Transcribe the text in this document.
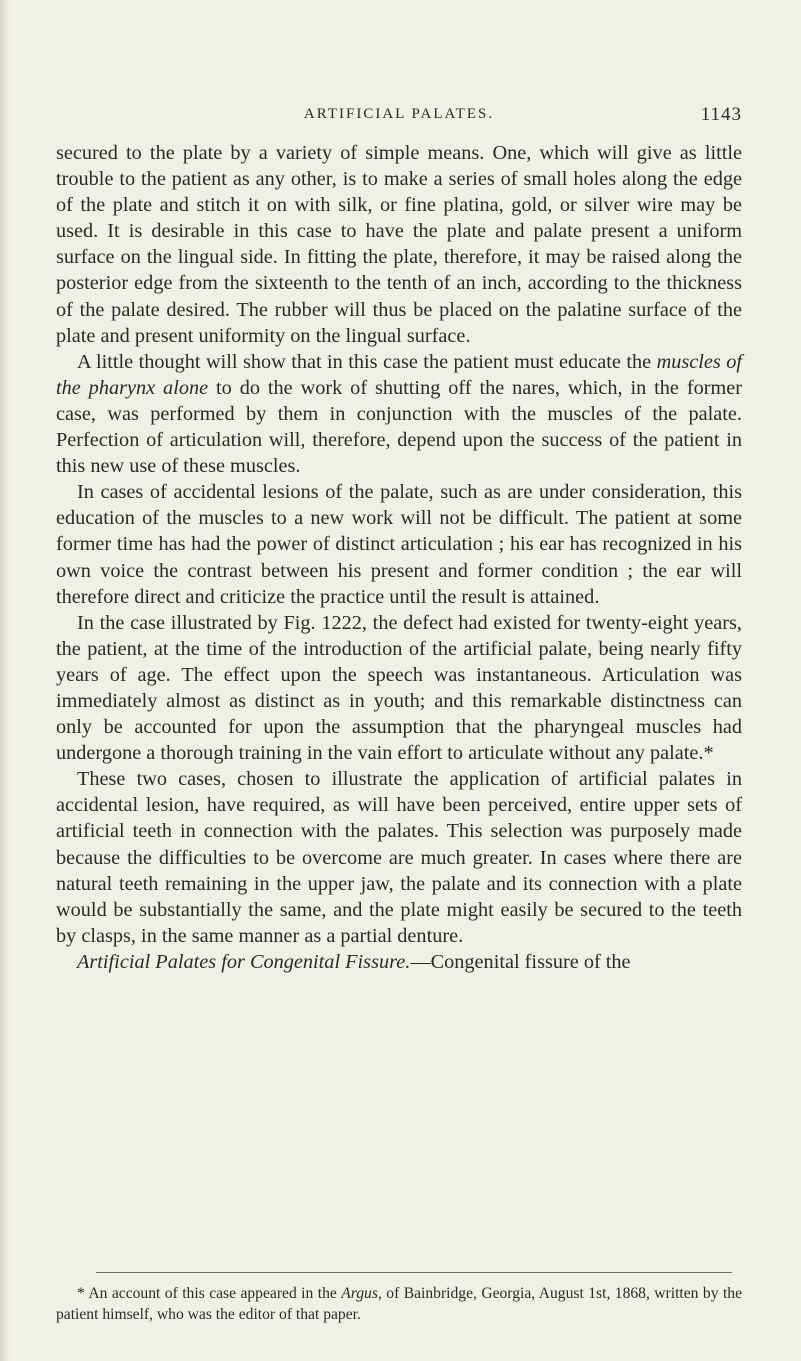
ARTIFICIAL PALATES.	1143

secured to the plate by a variety of simple means. One, which will give as little trouble to the patient as any other, is to make a series of small holes along the edge of the plate and stitch it on with silk, or fine platina, gold, or silver wire may be used. It is desirable in this case to have the plate and palate present a uniform surface on the lingual side. In fitting the plate, therefore, it may be raised along the posterior edge from the sixteenth to the tenth of an inch, according to the thickness of the palate desired. The rubber will thus be placed on the palatine surface of the plate and present uniformity on the lingual surface.

A little thought will show that in this case the patient must educate the muscles of the pharynx alone to do the work of shutting off the nares, which, in the former case, was performed by them in conjunction with the muscles of the palate. Perfection of articulation will, therefore, depend upon the success of the patient in this new use of these muscles.

In cases of accidental lesions of the palate, such as are under consideration, this education of the muscles to a new work will not be difficult. The patient at some former time has had the power of distinct articulation ; his ear has recognized in his own voice the contrast between his present and former condition ; the ear will therefore direct and criticize the practice until the result is attained.

In the case illustrated by Fig. 1222, the defect had existed for twenty-eight years, the patient, at the time of the introduction of the artificial palate, being nearly fifty years of age. The effect upon the speech was instantaneous. Articulation was immediately almost as distinct as in youth; and this remarkable distinctness can only be accounted for upon the assumption that the pharyngeal muscles had undergone a thorough training in the vain effort to articulate without any palate.*

These two cases, chosen to illustrate the application of artificial palates in accidental lesion, have required, as will have been perceived, entire upper sets of artificial teeth in connection with the palates. This selection was purposely made because the difficulties to be overcome are much greater. In cases where there are natural teeth remaining in the upper jaw, the palate and its connection with a plate would be substantially the same, and the plate might easily be secured to the teeth by clasps, in the same manner as a partial denture.

Artificial Palates for Congenital Fissure.—Congenital fissure of the

* An account of this case appeared in the Argus, of Bainbridge, Georgia, August 1st, 1868, written by the patient himself, who was the editor of that paper.
